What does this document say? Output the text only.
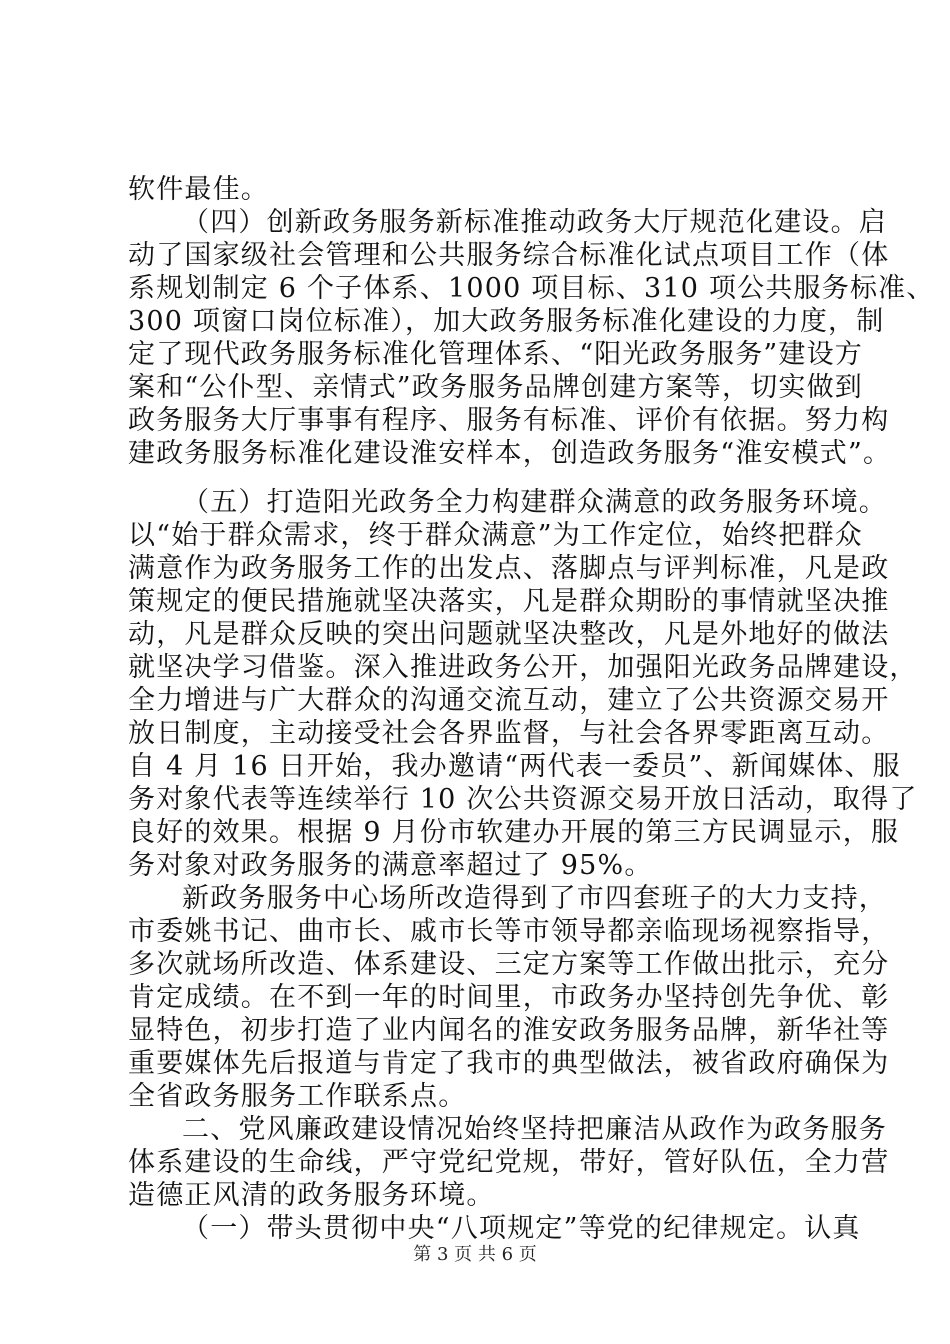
软件最佳。
（四）创新政务服务新标准推动政务大厅规范化建设。启
动了国家级社会管理和公共服务综合标准化试点项目工作（体
系规划制定 6 个子体系、1000 项目标、310 项公共服务标准、
300 项窗口岗位标准），加大政务服务标准化建设的力度，制
定了现代政务服务标准化管理体系、“阳光政务服务”建设方
案和“公仆型、亲情式”政务服务品牌创建方案等，切实做到
政务服务大厅事事有程序、服务有标准、评价有依据。努力构
建政务服务标准化建设淮安样本，创造政务服务“淮安模式”。
（五）打造阳光政务全力构建群众满意的政务服务环境。
以“始于群众需求，终于群众满意”为工作定位，始终把群众
满意作为政务服务工作的出发点、落脚点与评判标准，凡是政
策规定的便民措施就坚决落实，凡是群众期盼的事情就坚决推
动，凡是群众反映的突出问题就坚决整改，凡是外地好的做法
就坚决学习借鉴。深入推进政务公开，加强阳光政务品牌建设，
全力增进与广大群众的沟通交流互动，建立了公共资源交易开
放日制度，主动接受社会各界监督，与社会各界零距离互动。
自 4 月 16 日开始，我办邀请“两代表一委员”、新闻媒体、服
务对象代表等连续举行 10 次公共资源交易开放日活动，取得了
良好的效果。根据 9 月份市软建办开展的第三方民调显示，服
务对象对政务服务的满意率超过了 95%。
新政务服务中心场所改造得到了市四套班子的大力支持，
市委姚书记、曲市长、戚市长等市领导都亲临现场视察指导，
多次就场所改造、体系建设、三定方案等工作做出批示，充分
肯定成绩。在不到一年的时间里，市政务办坚持创先争优、彰
显特色，初步打造了业内闻名的淮安政务服务品牌，新华社等
重要媒体先后报道与肯定了我市的典型做法，被省政府确保为
全省政务服务工作联系点。
二、党风廉政建设情况始终坚持把廉洁从政作为政务服务
体系建设的生命线，严守党纪党规，带好，管好队伍，全力营
造德正风清的政务服务环境。
（一）带头贯彻中央“八项规定”等党的纪律规定。认真
第 3 页 共 6 页
